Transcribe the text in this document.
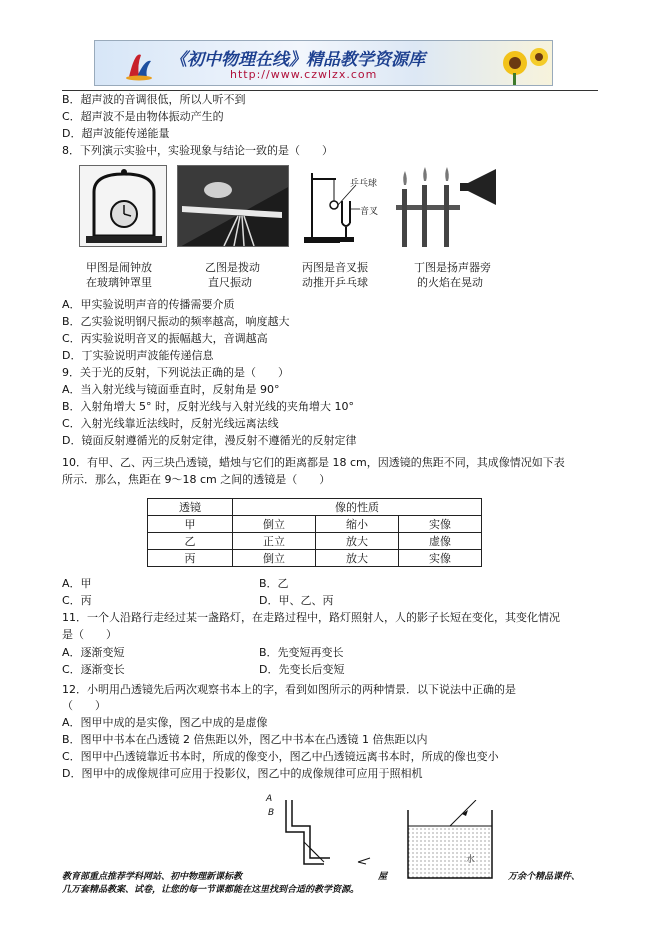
《初中物理在线》精品教学资源库
http://www.czwlzx.com
B．超声波的音调很低，所以人听不到
C．超声波不是由物体振动产生的
D．超声波能传递能量
8．下列演示实验中，实验现象与结论一致的是（　　）
乒乓球
音叉
甲图是闹钟放
在玻璃钟罩里
乙图是拨动
直尺振动
丙图是音叉振
动推开乒乓球
丁图是扬声器旁
的火焰在晃动
A．甲实验说明声音的传播需要介质
B．乙实验说明钢尺振动的频率越高，响度越大
C．丙实验说明音叉的振幅越大，音调越高
D．丁实验说明声波能传递信息
9．关于光的反射，下列说法正确的是（　　）
A．当入射光线与镜面垂直时，反射角是 90°
B．入射角增大 5° 时，反射光线与入射光线的夹角增大 10°
C．入射光线靠近法线时，反射光线远离法线
D．镜面反射遵循光的反射定律，漫反射不遵循光的反射定律
10．有甲、乙、丙三块凸透镜，蜡烛与它们的距离都是 18 cm，因透镜的焦距不同，其成像情况如下表
所示．那么，焦距在 9～18 cm 之间的透镜是（　　）
透镜	像的性质		
甲	倒立	缩小	实像
乙	正立	放大	虚像
丙	倒立	放大	实像
A．甲	B．乙
C．丙	D．甲、乙、丙
11．一个人沿路行走经过某一盏路灯，在走路过程中，路灯照射人，人的影子长短在变化，其变化情况
是（　　）
A．逐渐变短	B．先变短再变长
C．逐渐变长	D．先变长后变短
12．小明用凸透镜先后两次观察书本上的字，看到如图所示的两种情景．以下说法中正确的是
（　　）
A．图甲中成的是实像，图乙中成的是虚像
B．图甲中书本在凸透镜 2 倍焦距以外，图乙中书本在凸透镜 1 倍焦距以内
C．图甲中凸透镜靠近书本时，所成的像变小，图乙中凸透镜远离书本时，所成的像也变小
D．图甲中的成像规律可应用于投影仪，图乙中的成像规律可应用于照相机
A
B
水
教育部重点推荐学科网站、初中物理新课标教	屋	万余个精品课件、
几万套精品教案、试卷，让您的每一节课都能在这里找到合适的教学资源。
